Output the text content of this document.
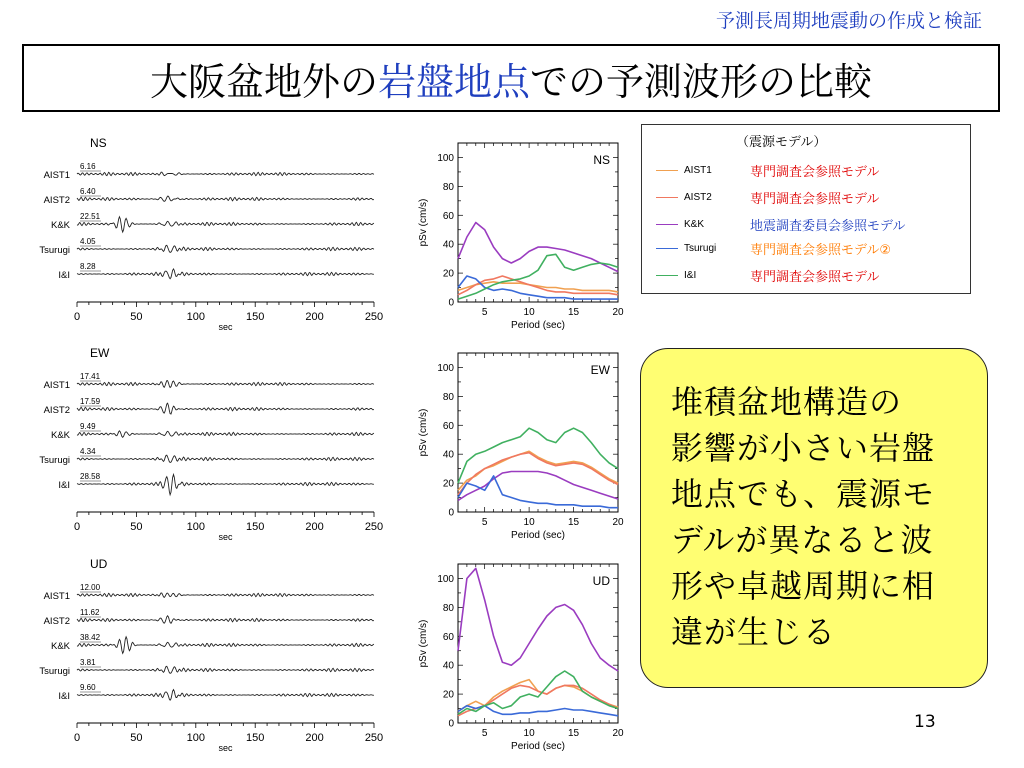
予測長周期地震動の作成と検証
大阪盆地外の 岩盤地点 での予測波形の比較
NS
AIST1
6.16
AIST2
6.40
K&K
22.51
Tsurugi
4.05
I&I
8.28
0	50	100	150	200	250
sec
EW
AIST1
17.41
AIST2
17.59
K&K
9.49
Tsurugi
4.34
I&I
28.58
0	50	100	150	200	250
sec
UD
AIST1
12.00
AIST2
11.62
K&K
38.42
Tsurugi
3.81
I&I
9.60
0	50	100	150	200	250
sec
5	10	15	20
0
20
40
60
80
100
Period (sec)
pSv (cm/s)
NS
5	10	15	20
0
20
40
60
80
100
Period (sec)
pSv (cm/s)
EW
5	10	15	20
0
20
40
60
80
100
Period (sec)
pSv (cm/s)
UD
（震源モデル）
AIST1	専門調査会参照モデル
AIST2	専門調査会参照モデル
K&K	地震調査委員会参照モデル
Tsurugi	専門調査会参照モデル②
I&I	専門調査会参照モデル
堆積盆地構造の
影響が小さい岩盤
地点でも、震源モ
デルが異なると波
形や卓越周期に相
違が生じる
13
